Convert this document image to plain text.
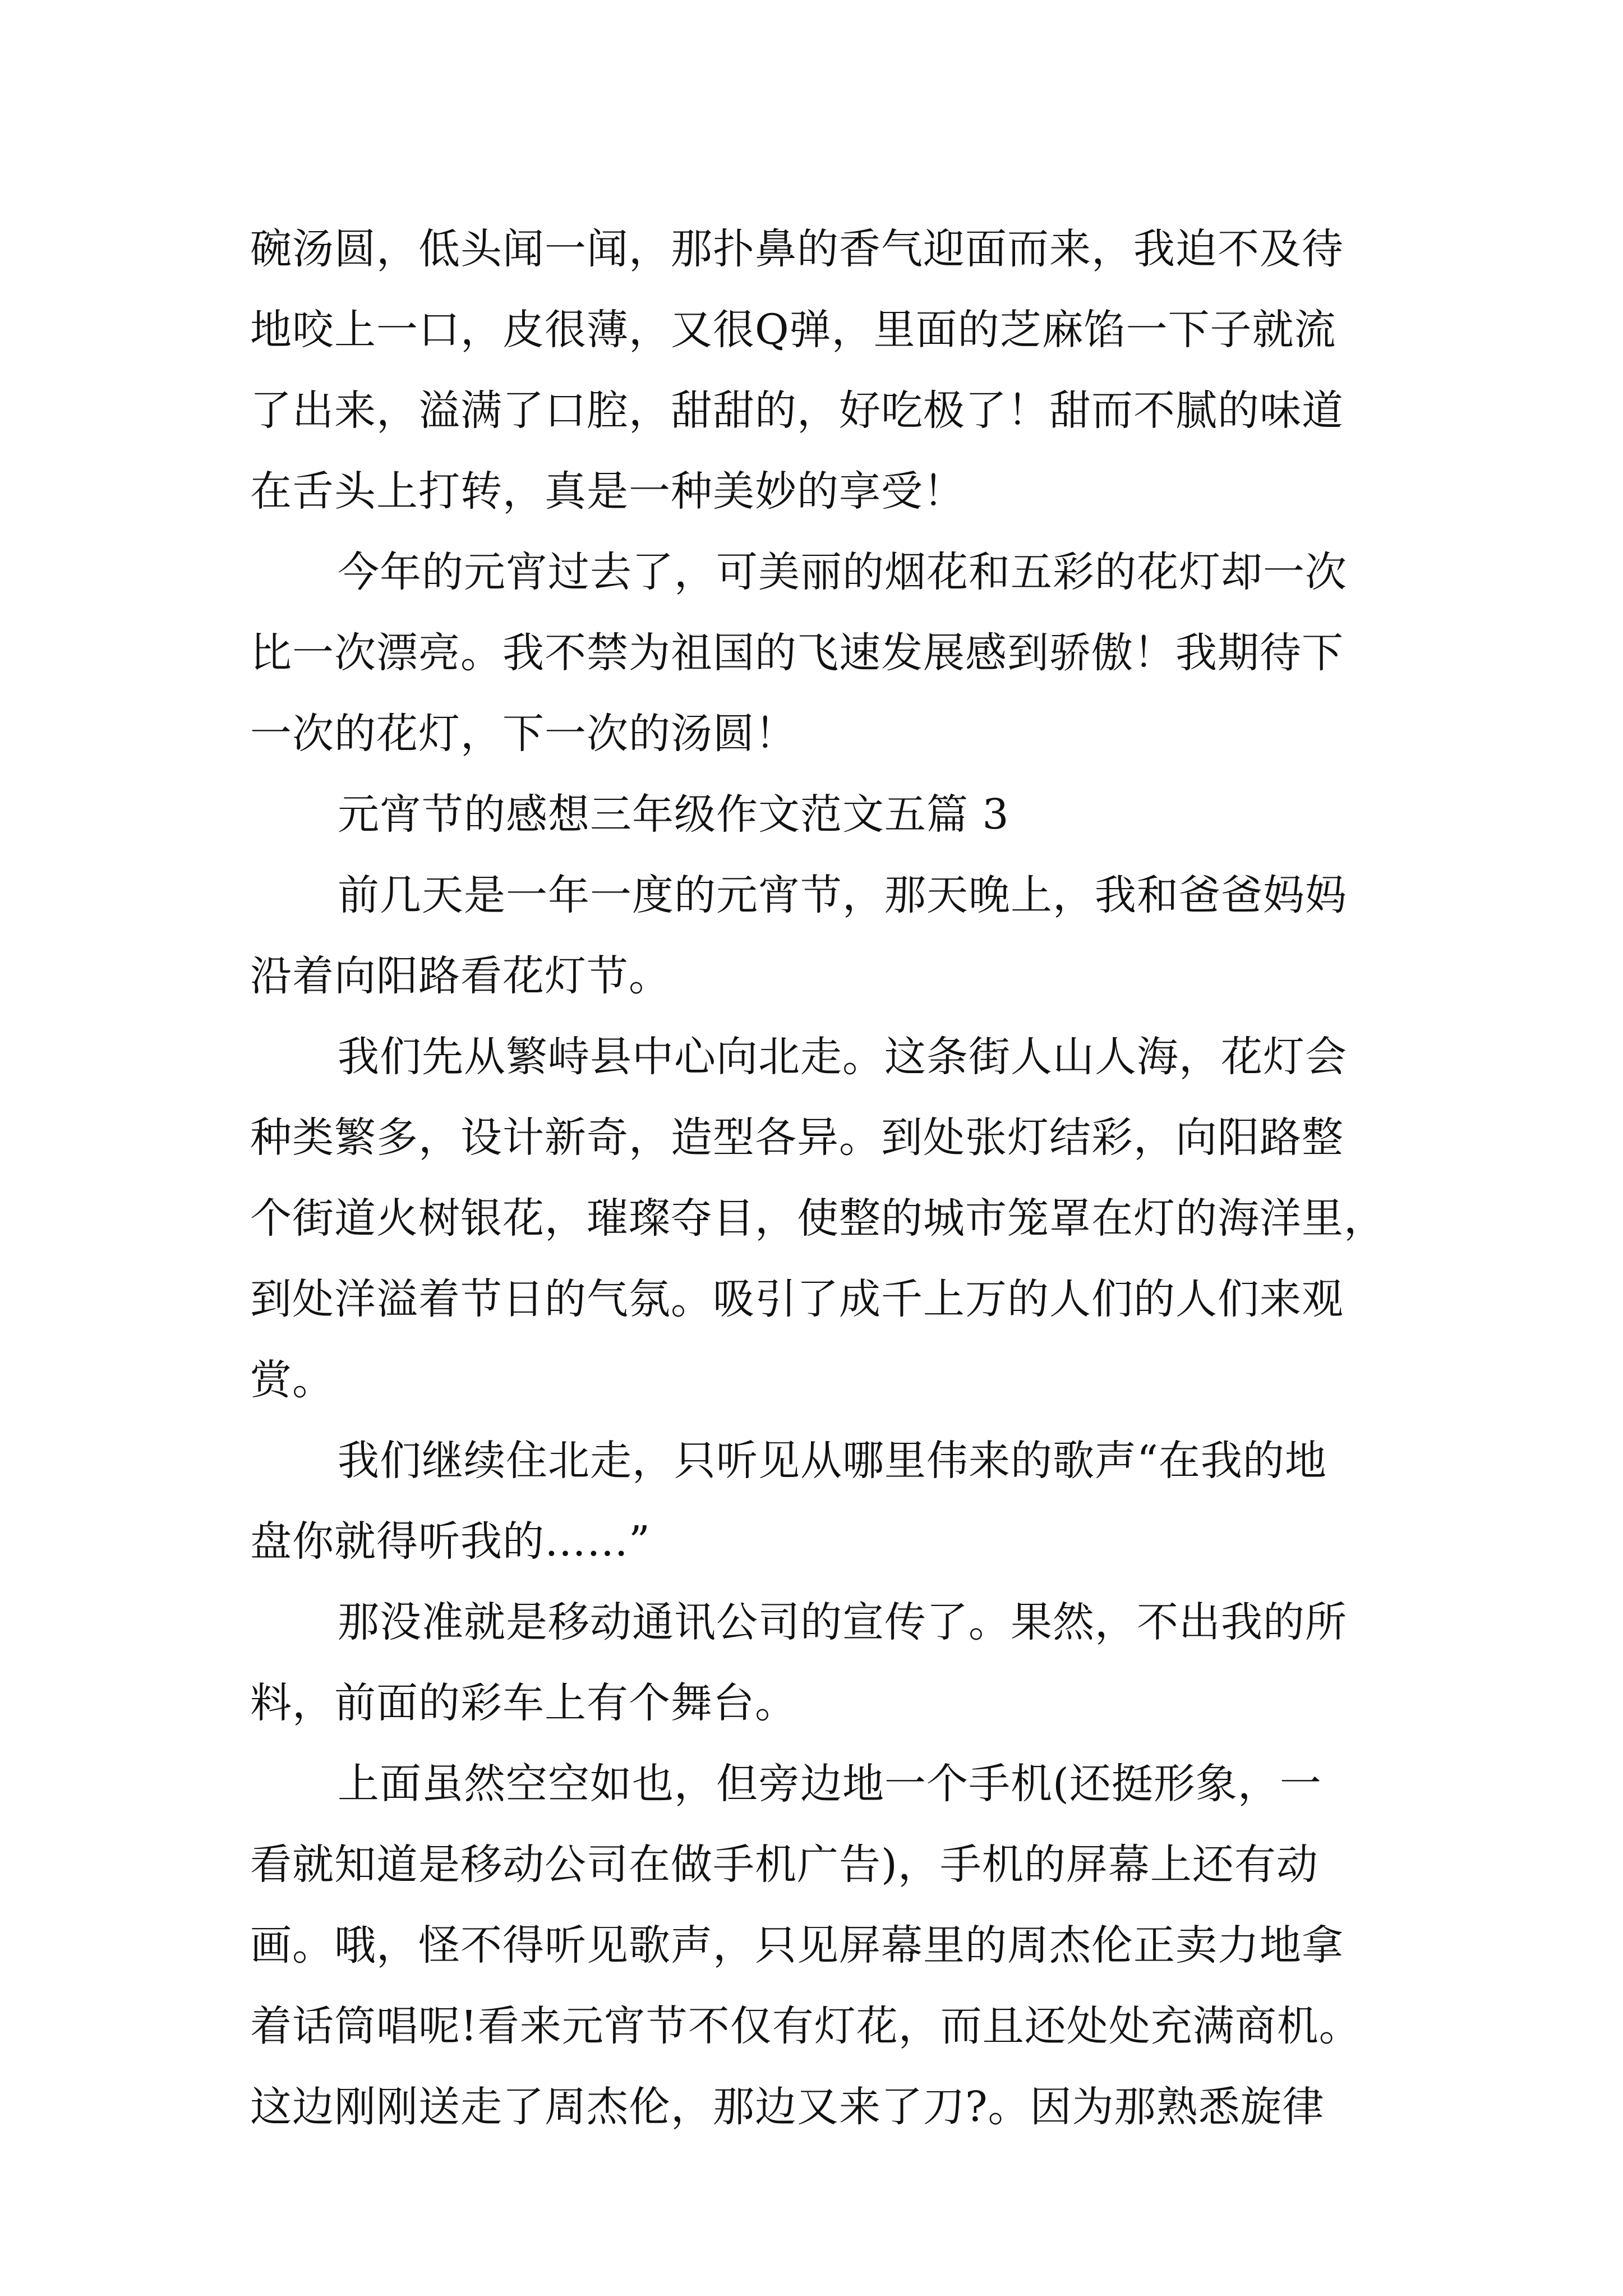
碗汤圆，低头闻一闻，那扑鼻的香气迎面而来，我迫不及待
地咬上一口，皮很薄，又很Q弹，里面的芝麻馅一下子就流
了出来，溢满了口腔，甜甜的，好吃极了！甜而不腻的味道
在舌头上打转，真是一种美妙的享受！
今年的元宵过去了，可美丽的烟花和五彩的花灯却一次
比一次漂亮。我不禁为祖国的飞速发展感到骄傲！我期待下
一次的花灯，下一次的汤圆！
元宵节的感想三年级作文范文五篇 3
前几天是一年一度的元宵节，那天晚上，我和爸爸妈妈
沿着向阳路看花灯节。
我们先从繁峙县中心向北走。这条街人山人海，花灯会
种类繁多，设计新奇，造型各异。到处张灯结彩，向阳路整
个街道火树银花，璀璨夺目，使整的城市笼罩在灯的海洋里，
到处洋溢着节日的气氛。吸引了成千上万的人们的人们来观
赏。
我们继续住北走，只听见从哪里伟来的歌声“在我的地
盘你就得听我的……”
那没准就是移动通讯公司的宣传了。果然，不出我的所
料，前面的彩车上有个舞台。
上面虽然空空如也，但旁边地一个手机(还挺形象，一
看就知道是移动公司在做手机广告)，手机的屏幕上还有动
画。哦，怪不得听见歌声，只见屏幕里的周杰伦正卖力地拿
着话筒唱呢!看来元宵节不仅有灯花，而且还处处充满商机。
这边刚刚送走了周杰伦，那边又来了刀?。因为那熟悉旋律
